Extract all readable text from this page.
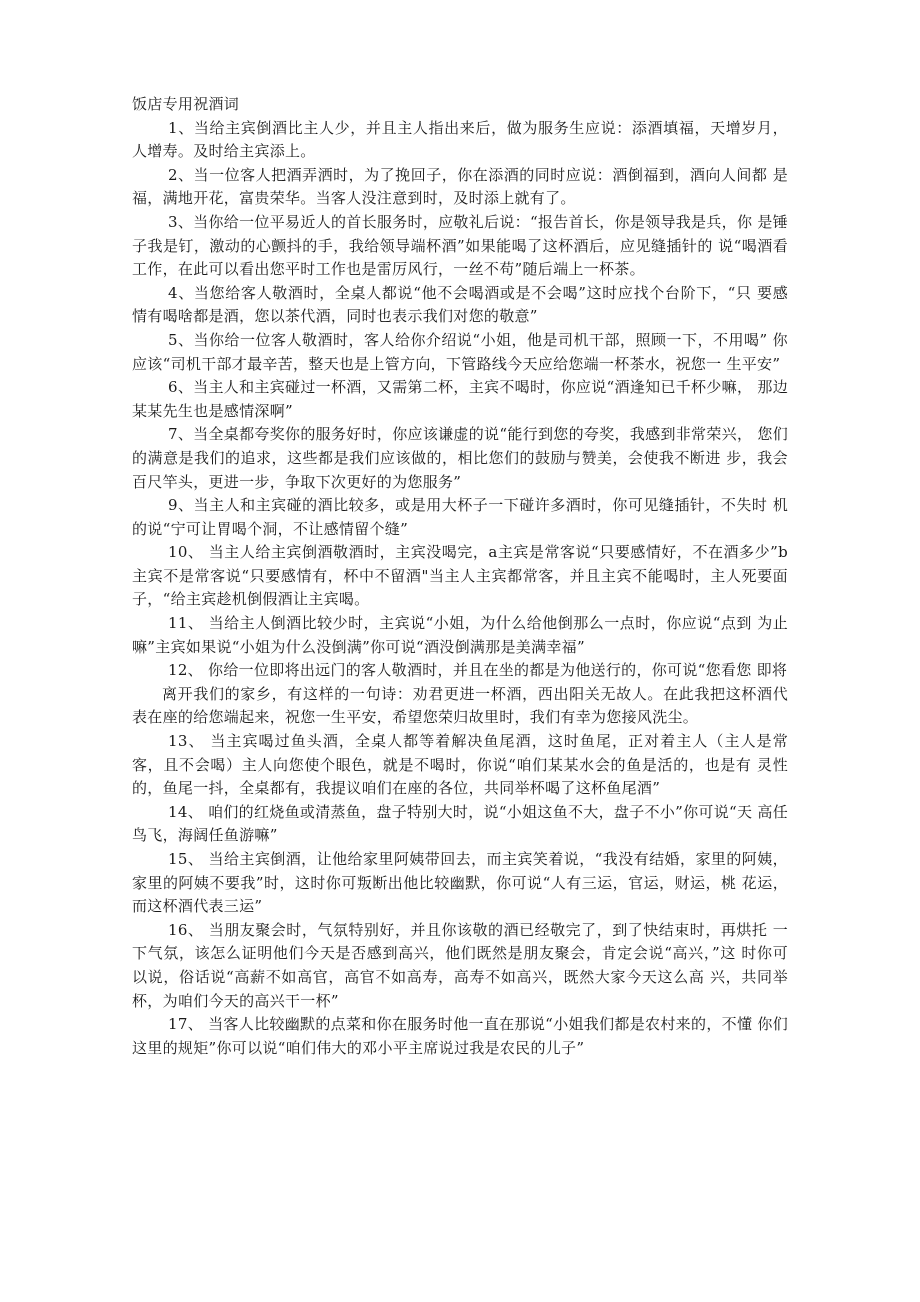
饭店专用祝酒词

1、当给主宾倒酒比主人少，并且主人指出来后，做为服务生应说：添酒填福，天增岁月， 人增寿。及时给主宾添上。

2、当一位客人把酒弄洒时，为了挽回子，你在添酒的同时应说：酒倒福到，酒向人间都 是福，满地开花，富贵荣华。当客人没注意到时，及时添上就有了。

3、当你给一位平易近人的首长服务时，应敬礼后说：“报告首长，你是领导我是兵，你 是锤子我是钉，激动的心颤抖的手，我给领导端杯酒”如果能喝了这杯酒后，应见缝插针的 说“喝酒看工作，在此可以看出您平时工作也是雷厉风行，一丝不苟”随后端上一杯茶。

4、当您给客人敬酒时，全桌人都说“他不会喝酒或是不会喝”这时应找个台阶下，“只 要感情有喝啥都是酒，您以茶代酒，同时也表示我们对您的敬意”

5、当你给一位客人敬酒时，客人给你介绍说“小姐，他是司机干部，照顾一下，不用喝” 你应该“司机干部才最辛苦，整天也是上管方向，下管路线今天应给您端一杯茶水，祝您一 生平安”

6、当主人和主宾碰过一杯酒，又需第二杯，主宾不喝时，你应说“酒逢知已千杯少嘛， 那边某某先生也是感情深啊”

7、当全桌都夸奖你的服务好时，你应该谦虚的说“能行到您的夸奖，我感到非常荣兴， 您们的满意是我们的追求，这些都是我们应该做的，相比您们的鼓励与赞美，会使我不断进 步，我会百尺竿头，更进一步，争取下次更好的为您服务”

9、当主人和主宾碰的酒比较多，或是用大杯子一下碰许多酒时，你可见缝插针，不失时 机的说“宁可让胃喝个洞，不让感情留个缝”

10、 当主人给主宾倒酒敬酒时，主宾没喝完，a主宾是常客说“只要感情好，不在酒多少”b主宾不是常客说“只要感情有，杯中不留酒"当主人主宾都常客，并且主宾不能喝时，主人死要面子，“给主宾趁机倒假酒让主宾喝。

11、 当给主人倒酒比较少时，主宾说“小姐，为什么给他倒那么一点时，你应说“点到 为止嘛”主宾如果说“小姐为什么没倒满”你可说“酒没倒满那是美满幸福”

12、 你给一位即将出远门的客人敬酒时，并且在坐的都是为他送行的，你可说“您看您 即将

离开我们的家乡，有这样的一句诗：劝君更进一杯酒，西出阳关无故人。在此我把这杯酒代表在座的给您端起来，祝您一生平安，希望您荣归故里时，我们有幸为您接风洗尘。

13、 当主宾喝过鱼头酒，全桌人都等着解决鱼尾酒，这时鱼尾，正对着主人（主人是常 客，且不会喝）主人向您使个眼色，就是不喝时，你说“咱们某某水会的鱼是活的，也是有 灵性的，鱼尾一抖，全桌都有，我提议咱们在座的各位，共同举杯喝了这杯鱼尾酒”

14、 咱们的红烧鱼或清蒸鱼，盘子特别大时，说“小姐这鱼不大，盘子不小”你可说“天 高任鸟飞，海阔任鱼游嘛”

15、 当给主宾倒酒，让他给家里阿姨带回去，而主宾笑着说，“我没有结婚，家里的阿姨， 家里的阿姨不要我”时，这时你可叛断出他比较幽默，你可说“人有三运，官运，财运，桃 花运，而这杯酒代表三运”

16、 当朋友聚会时，气氛特别好，并且你该敬的酒已经敬完了，到了快结束时，再烘托 一下气氛，该怎么证明他们今天是否感到高兴，他们既然是朋友聚会，肯定会说“高兴，”这 时你可以说，俗话说“高薪不如高官，高官不如高寿，高寿不如高兴，既然大家今天这么高 兴，共同举杯，为咱们今天的高兴干一杯”

17、 当客人比较幽默的点菜和你在服务时他一直在那说“小姐我们都是农村来的，不懂 你们这里的规矩”你可以说“咱们伟大的邓小平主席说过我是农民的儿子”
